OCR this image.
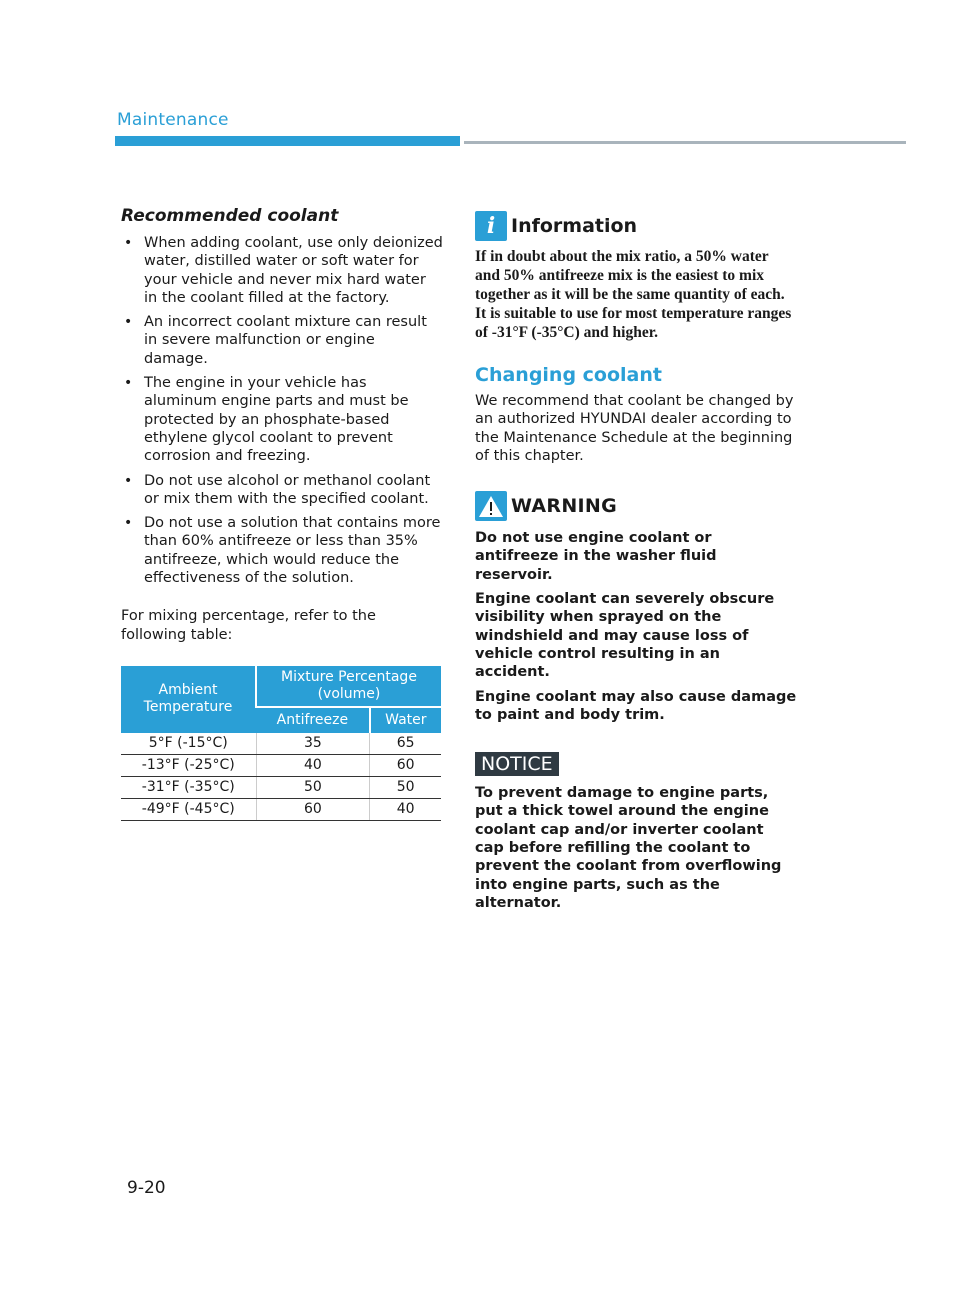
Maintenance
Recommended coolant
• When adding coolant, use only deionized water, distilled water or soft water for your vehicle and never mix hard water in the coolant filled at the factory.
• An incorrect coolant mixture can result in severe malfunction or engine damage.
• The engine in your vehicle has aluminum engine parts and must be protected by an phosphate-based ethylene glycol coolant to prevent corrosion and freezing.
• Do not use alcohol or methanol coolant or mix them with the specified coolant.
• Do not use a solution that contains more than 60% antifreeze or less than 35% antifreeze, which would reduce the effectiveness of the solution.

For mixing percentage, refer to the following table:

Ambient Temperature	Mixture Percentage (volume)	
	Antifreeze	Water
5°F (-15°C)	35	65
-13°F (-25°C)	40	60
-31°F (-35°C)	50	50
-49°F (-45°C)	60	40
i Information

If in doubt about the mix ratio, a 50% water and 50% antifreeze mix is the easiest to mix together as it will be the same quantity of each. It is suitable to use for most temperature ranges of -31°F (-35°C) and higher.

Changing coolant

We recommend that coolant be changed by an authorized HYUNDAI dealer according to the Maintenance Schedule at the beginning of this chapter.

WARNING

Do not use engine coolant or antifreeze in the washer fluid reservoir.

Engine coolant can severely obscure visibility when sprayed on the windshield and may cause loss of vehicle control resulting in an accident.

Engine coolant may also cause damage to paint and body trim.

NOTICE

To prevent damage to engine parts, put a thick towel around the engine coolant cap and/or inverter coolant cap before refilling the coolant to prevent the coolant from overflowing into engine parts, such as the alternator.

9-20
